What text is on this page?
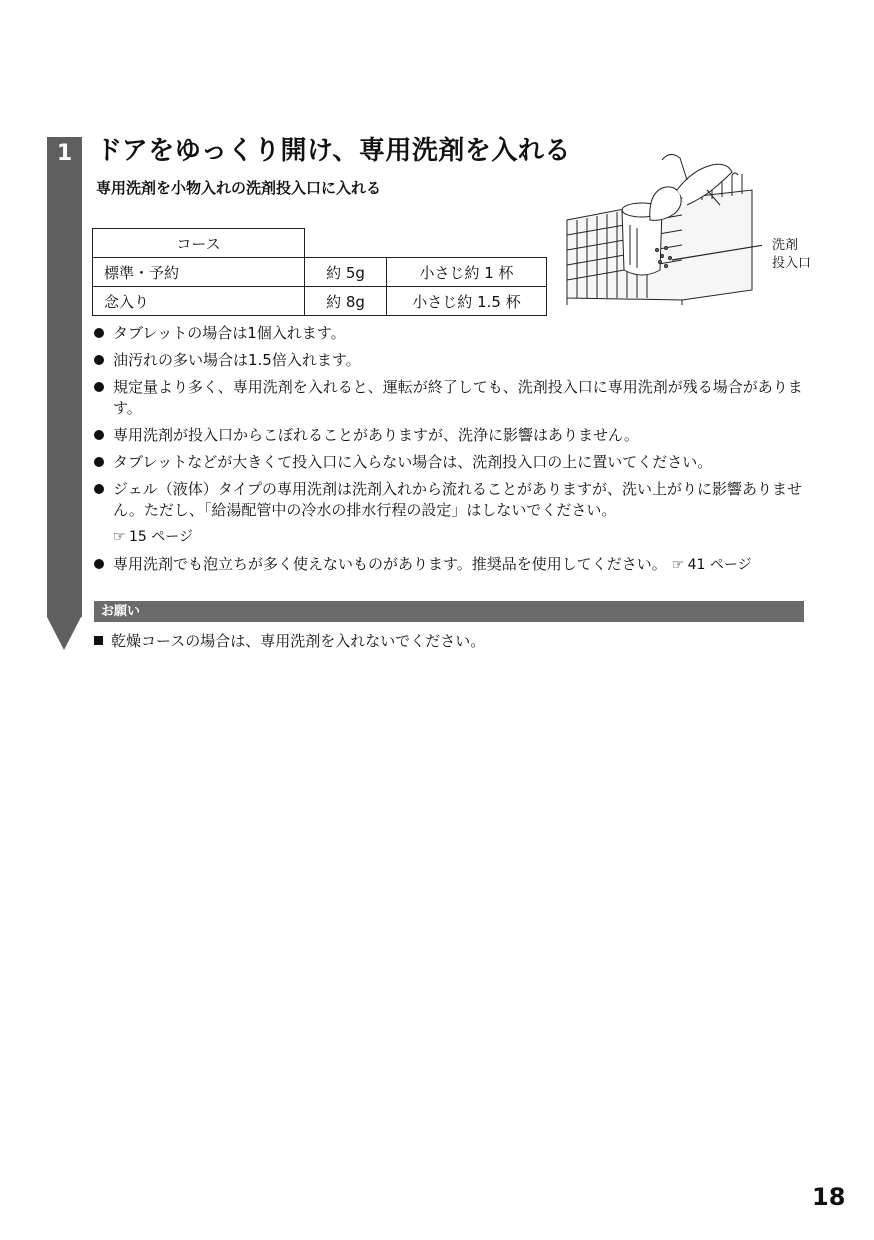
1 ドアをゆっくり開け、専用洗剤を入れる
専用洗剤を小物入れの洗剤投入口に入れる
コース		
標準・予約	約 5g	小さじ約 1 杯
念入り	約 8g	小さじ約 1.5 杯
洗剤
投入口
タブレットの場合は1個入れます。
油汚れの多い場合は1.5倍入れます。
規定量より多く、専用洗剤を入れると、運転が終了しても、洗剤投入口に専用洗剤が残る場合があります。
専用洗剤が投入口からこぼれることがありますが、洗浄に影響はありません。
タブレットなどが大きくて投入口に入らない場合は、洗剤投入口の上に置いてください。
ジェル（液体）タイプの専用洗剤は洗剤入れから流れることがありますが、洗い上がりに影響ありません。ただし、「給湯配管中の冷水の排水行程の設定」はしないでください。
☞ 15 ページ
専用洗剤でも泡立ちが多く使えないものがあります。推奨品を使用してください。 ☞ 41 ページ
お願い
乾燥コースの場合は、専用洗剤を入れないでください。
18
